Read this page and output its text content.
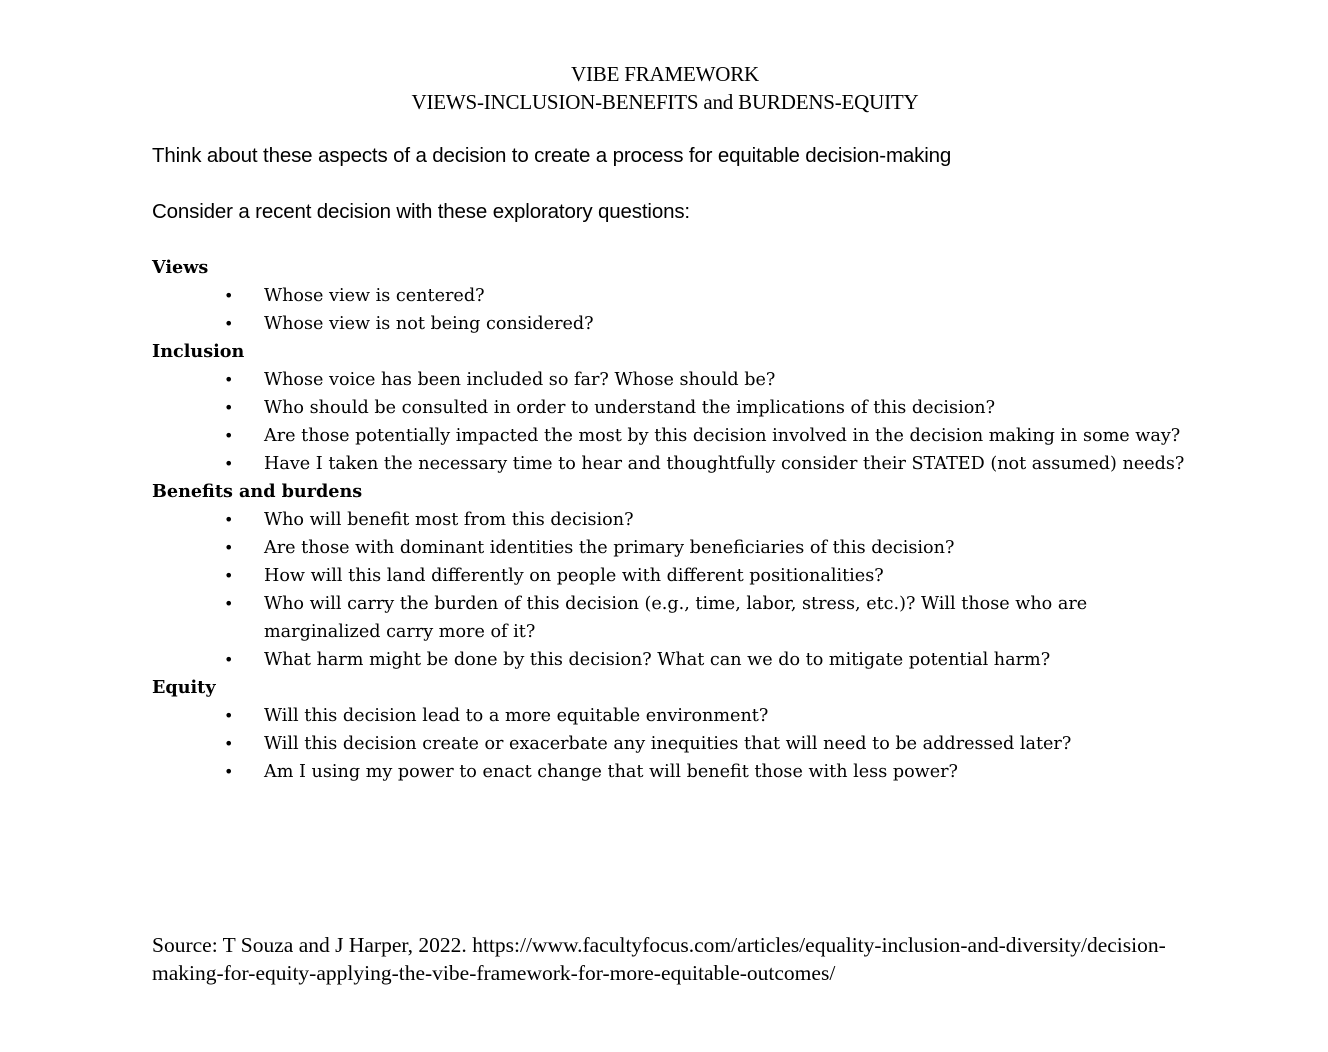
VIBE FRAMEWORK
VIEWS-INCLUSION-BENEFITS and BURDENS-EQUITY
Think about these aspects of a decision to create a process for equitable decision-making
Consider a recent decision with these exploratory questions:
Views
• Whose view is centered?
• Whose view is not being considered?
Inclusion
• Whose voice has been included so far? Whose should be?
• Who should be consulted in order to understand the implications of this decision?
• Are those potentially impacted the most by this decision involved in the decision making in some way?
• Have I taken the necessary time to hear and thoughtfully consider their STATED (not assumed) needs?
Benefits and burdens
• Who will benefit most from this decision?
• Are those with dominant identities the primary beneficiaries of this decision?
• How will this land differently on people with different positionalities?
• Who will carry the burden of this decision (e.g., time, labor, stress, etc.)? Will those who are marginalized carry more of it?
• What harm might be done by this decision? What can we do to mitigate potential harm?
Equity
• Will this decision lead to a more equitable environment?
• Will this decision create or exacerbate any inequities that will need to be addressed later?
• Am I using my power to enact change that will benefit those with less power?
Source: T Souza and J Harper, 2022. https://www.facultyfocus.com/articles/equality-inclusion-and-diversity/decision-making-for-equity-applying-the-vibe-framework-for-more-equitable-outcomes/
